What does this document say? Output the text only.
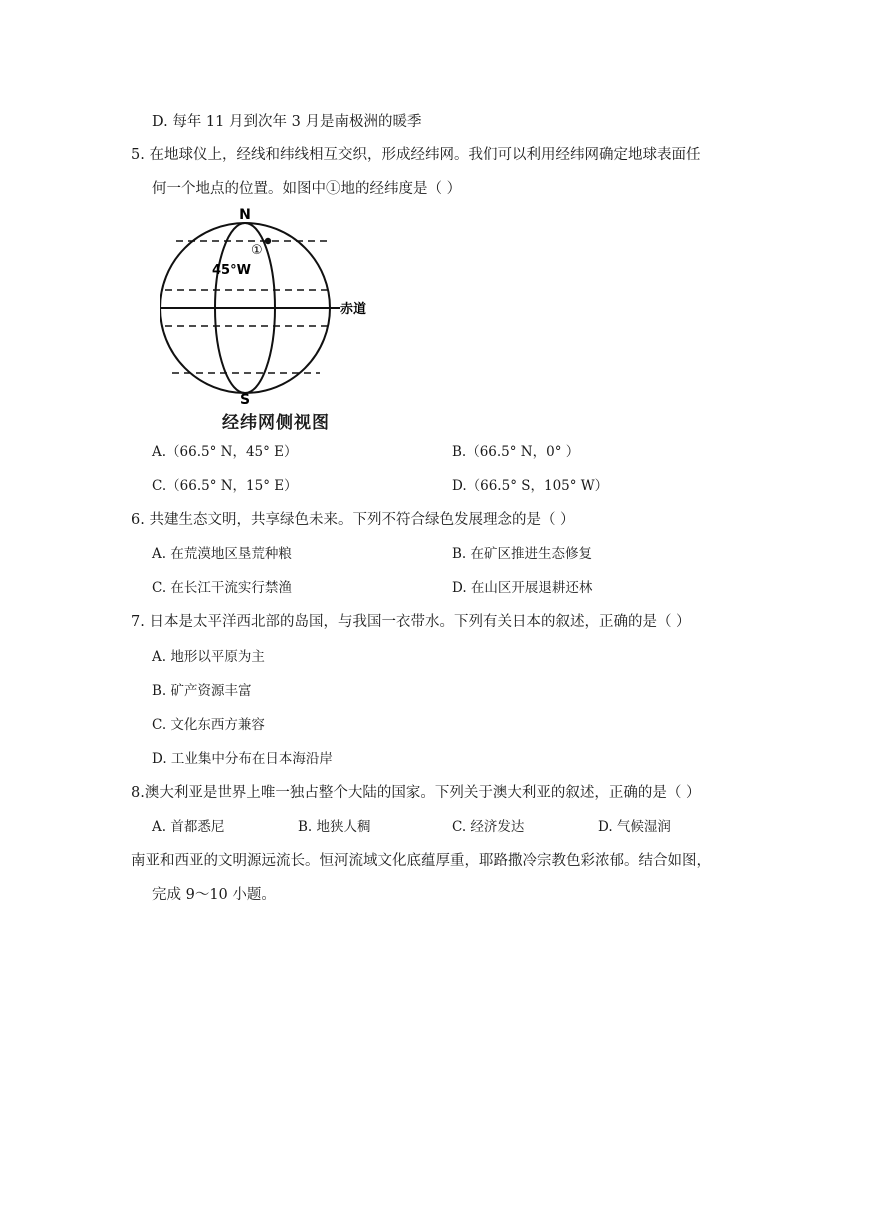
D. 每年 11 月到次年 3 月是南极洲的暖季
5. 在地球仪上，经线和纬线相互交织，形成经纬网。我们可以利用经纬网确定地球表面任
何一个地点的位置。如图中①地的经纬度是（ ）
N
S
45°W
①
赤道
经纬网侧视图
A.（66.5° N，45° E）	B.（66.5° N，0° ）
C.（66.5° N，15° E）	D.（66.5° S，105° W）
6. 共建生态文明，共享绿色未来。下列不符合绿色发展理念的是（ ）
A. 在荒漠地区垦荒种粮	B. 在矿区推进生态修复
C. 在长江干流实行禁渔	D. 在山区开展退耕还林
7. 日本是太平洋西北部的岛国，与我国一衣带水。下列有关日本的叙述，正确的是（ ）
A. 地形以平原为主
B. 矿产资源丰富
C. 文化东西方兼容
D. 工业集中分布在日本海沿岸
8.澳大利亚是世界上唯一独占整个大陆的国家。下列关于澳大利亚的叙述，正确的是（ ）
A. 首都悉尼	B. 地狭人稠	C. 经济发达	D. 气候湿润
南亚和西亚的文明源远流长。恒河流域文化底蕴厚重，耶路撒冷宗教色彩浓郁。结合如图，
完成 9～10 小题。
